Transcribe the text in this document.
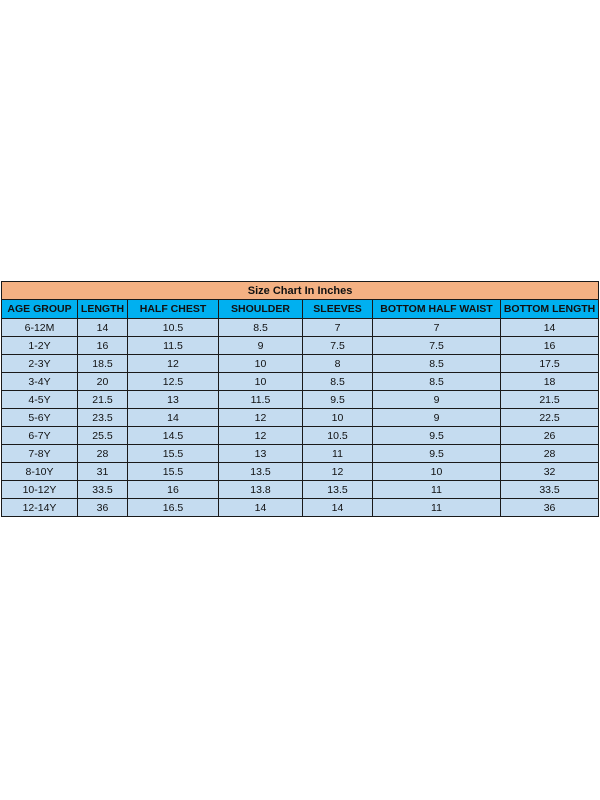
Size Chart In Inches						
AGE GROUP	LENGTH	HALF CHEST	SHOULDER	SLEEVES	BOTTOM HALF WAIST	BOTTOM LENGTH
6-12M	14	10.5	8.5	7	7	14
1-2Y	16	11.5	9	7.5	7.5	16
2-3Y	18.5	12	10	8	8.5	17.5
3-4Y	20	12.5	10	8.5	8.5	18
4-5Y	21.5	13	11.5	9.5	9	21.5
5-6Y	23.5	14	12	10	9	22.5
6-7Y	25.5	14.5	12	10.5	9.5	26
7-8Y	28	15.5	13	11	9.5	28
8-10Y	31	15.5	13.5	12	10	32
10-12Y	33.5	16	13.8	13.5	11	33.5
12-14Y	36	16.5	14	14	11	36
